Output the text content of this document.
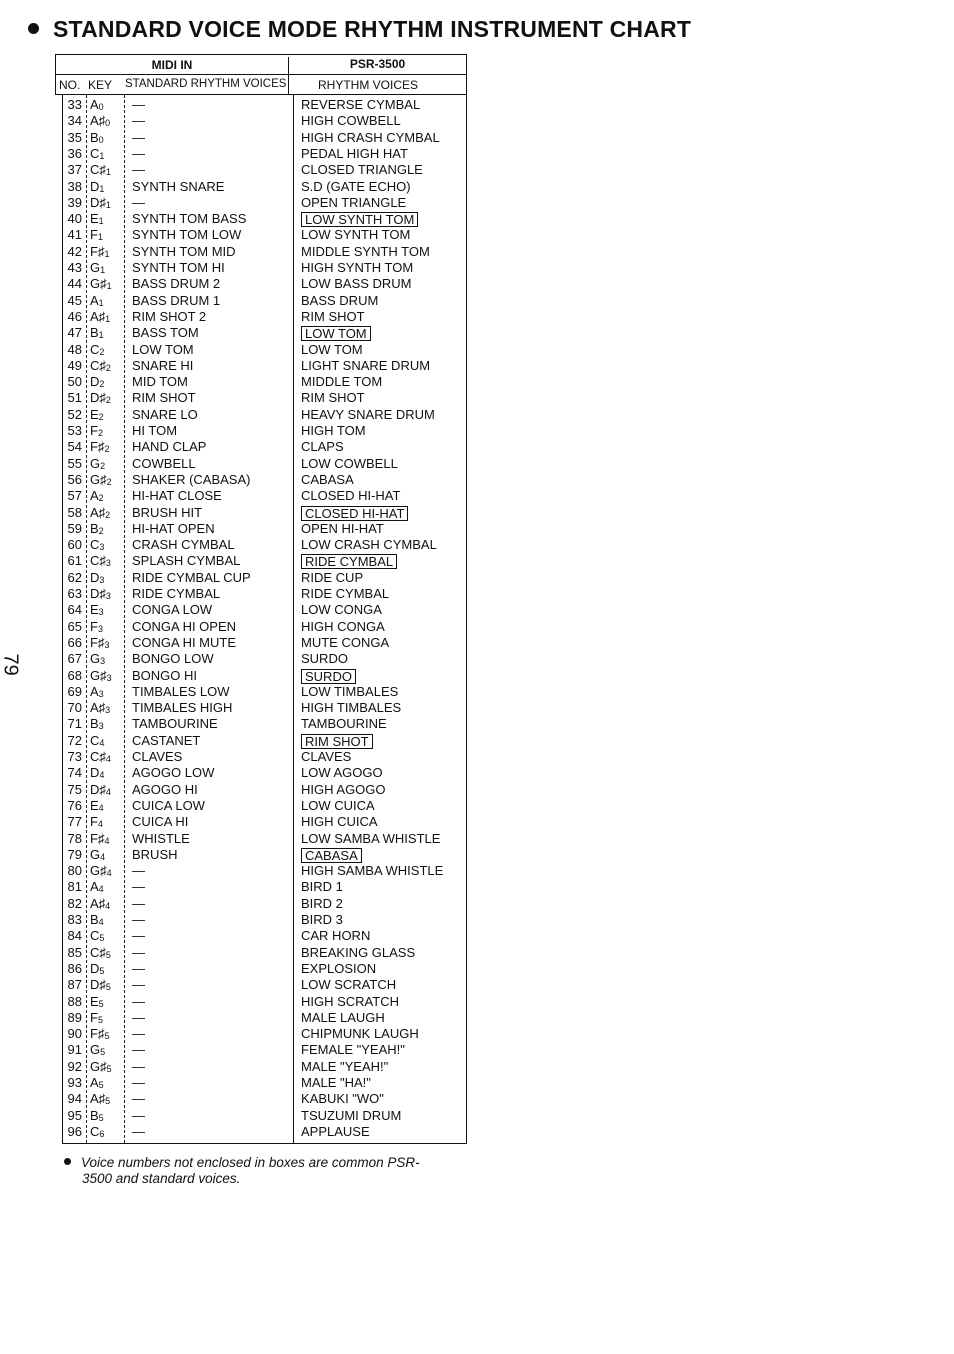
STANDARD VOICE MODE RHYTHM INSTRUMENT CHART
79
MIDI IN	PSR-3500
NO. KEY STANDARD RHYTHM VOICES	RHYTHM VOICES
33 $A_0$ —	REVERSE CYMBAL
34 $A♯_0$ —	HIGH COWBELL
35 $B_0$ —	HIGH CRASH CYMBAL
36 $C_1$ —	PEDAL HIGH HAT
37 $C♯_1$ —	CLOSED TRIANGLE
38 $D_1$ SYNTH SNARE	S.D (GATE ECHO)
39 $D♯_1$ —	OPEN TRIANGLE
40 $E_1$ SYNTH TOM BASS	LOW SYNTH TOM
41 $F_1$ SYNTH TOM LOW	LOW SYNTH TOM
42 $F♯_1$ SYNTH TOM MID	MIDDLE SYNTH TOM
43 $G_1$ SYNTH TOM HI	HIGH SYNTH TOM
44 $G♯_1$ BASS DRUM 2	LOW BASS DRUM
45 $A_1$ BASS DRUM 1	BASS DRUM
46 $A♯_1$ RIM SHOT 2	RIM SHOT
47 $B_1$ BASS TOM	LOW TOM
48 $C_2$ LOW TOM	LOW TOM
49 $C♯_2$ SNARE HI	LIGHT SNARE DRUM
50 $D_2$ MID TOM	MIDDLE TOM
51 $D♯_2$ RIM SHOT	RIM SHOT
52 $E_2$ SNARE LO	HEAVY SNARE DRUM
53 $F_2$ HI TOM	HIGH TOM
54 $F♯_2$ HAND CLAP	CLAPS
55 $G_2$ COWBELL	LOW COWBELL
56 $G♯_2$ SHAKER (CABASA)	CABASA
57 $A_2$ HI-HAT CLOSE	CLOSED HI-HAT
58 $A♯_2$ BRUSH HIT	CLOSED HI-HAT
59 $B_2$ HI-HAT OPEN	OPEN HI-HAT
60 $C_3$ CRASH CYMBAL	LOW CRASH CYMBAL
61 $C♯_3$ SPLASH CYMBAL	RIDE CYMBAL
62 $D_3$ RIDE CYMBAL CUP	RIDE CUP
63 $D♯_3$ RIDE CYMBAL	RIDE CYMBAL
64 $E_3$ CONGA LOW	LOW CONGA
65 $F_3$ CONGA HI OPEN	HIGH CONGA
66 $F♯_3$ CONGA HI MUTE	MUTE CONGA
67 $G_3$ BONGO LOW	SURDO
68 $G♯_3$ BONGO HI	SURDO
69 $A_3$ TIMBALES LOW	LOW TIMBALES
70 $A♯_3$ TIMBALES HIGH	HIGH TIMBALES
71 $B_3$ TAMBOURINE	TAMBOURINE
72 $C_4$ CASTANET	RIM SHOT
73 $C♯_4$ CLAVES	CLAVES
74 $D_4$ AGOGO LOW	LOW AGOGO
75 $D♯_4$ AGOGO HI	HIGH AGOGO
76 $E_4$ CUICA LOW	LOW CUICA
77 $F_4$ CUICA HI	HIGH CUICA
78 $F♯_4$ WHISTLE	LOW SAMBA WHISTLE
79 $G_4$ BRUSH	CABASA
80 $G♯_4$ —	HIGH SAMBA WHISTLE
81 $A_4$ —	BIRD 1
82 $A♯_4$ —	BIRD 2
83 $B_4$ —	BIRD 3
84 $C_5$ —	CAR HORN
85 $C♯_5$ —	BREAKING GLASS
86 $D_5$ —	EXPLOSION
87 $D♯_5$ —	LOW SCRATCH
88 $E_5$ —	HIGH SCRATCH
89 $F_5$ —	MALE LAUGH
90 $F♯_5$ —	CHIPMUNK LAUGH
91 $G_5$ —	FEMALE "YEAH!"
92 $G♯_5$ —	MALE "YEAH!"
93 $A_5$ —	MALE "HA!"
94 $A♯_5$ —	KABUKI "WO"
95 $B_5$ —	TSUZUMI DRUM
96 $C_6$ —	APPLAUSE
Voice numbers not enclosed in boxes are common PSR-
3500 and standard voices.
